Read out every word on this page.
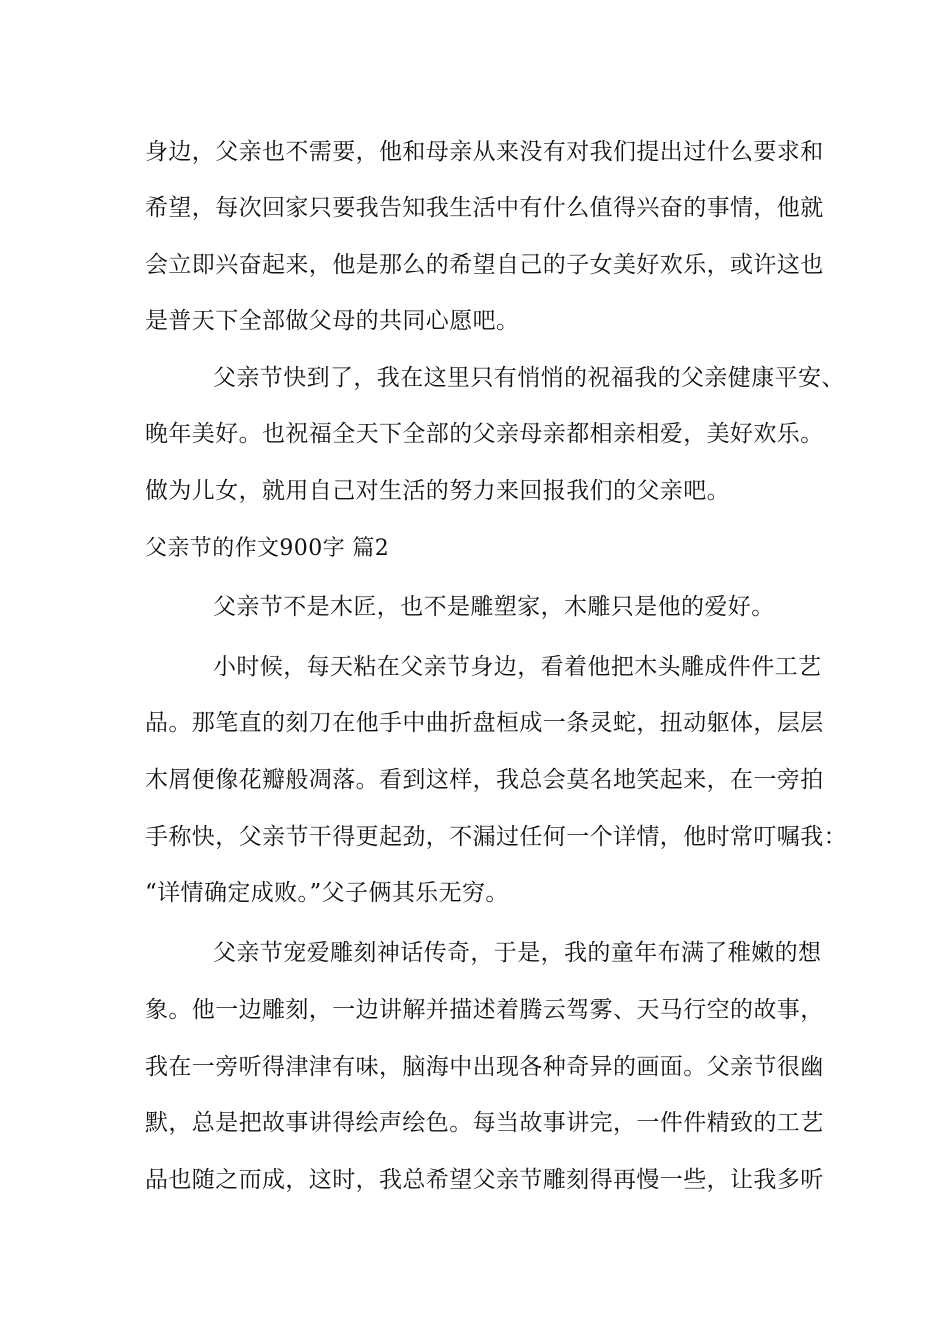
身边，父亲也不需要，他和母亲从来没有对我们提出过什么要求和
希望，每次回家只要我告知我生活中有什么值得兴奋的事情，他就
会立即兴奋起来，他是那么的希望自己的子女美好欢乐，或许这也
是普天下全部做父母的共同心愿吧。
父亲节快到了，我在这里只有悄悄的祝福我的父亲健康平安、
晚年美好。也祝福全天下全部的父亲母亲都相亲相爱，美好欢乐。
做为儿女，就用自己对生活的努力来回报我们的父亲吧。
父亲节的作文900字 篇2
父亲节不是木匠，也不是雕塑家，木雕只是他的爱好。
小时候，每天粘在父亲节身边，看着他把木头雕成件件工艺
品。那笔直的刻刀在他手中曲折盘桓成一条灵蛇，扭动躯体，层层
木屑便像花瓣般凋落。看到这样，我总会莫名地笑起来，在一旁拍
手称快，父亲节干得更起劲，不漏过任何一个详情，他时常叮嘱我：
“详情确定成败。”父子俩其乐无穷。
父亲节宠爱雕刻神话传奇，于是，我的童年布满了稚嫩的想
象。他一边雕刻，一边讲解并描述着腾云驾雾、天马行空的故事，
我在一旁听得津津有味，脑海中出现各种奇异的画面。父亲节很幽
默，总是把故事讲得绘声绘色。每当故事讲完，一件件精致的工艺
品也随之而成，这时，我总希望父亲节雕刻得再慢一些，让我多听
